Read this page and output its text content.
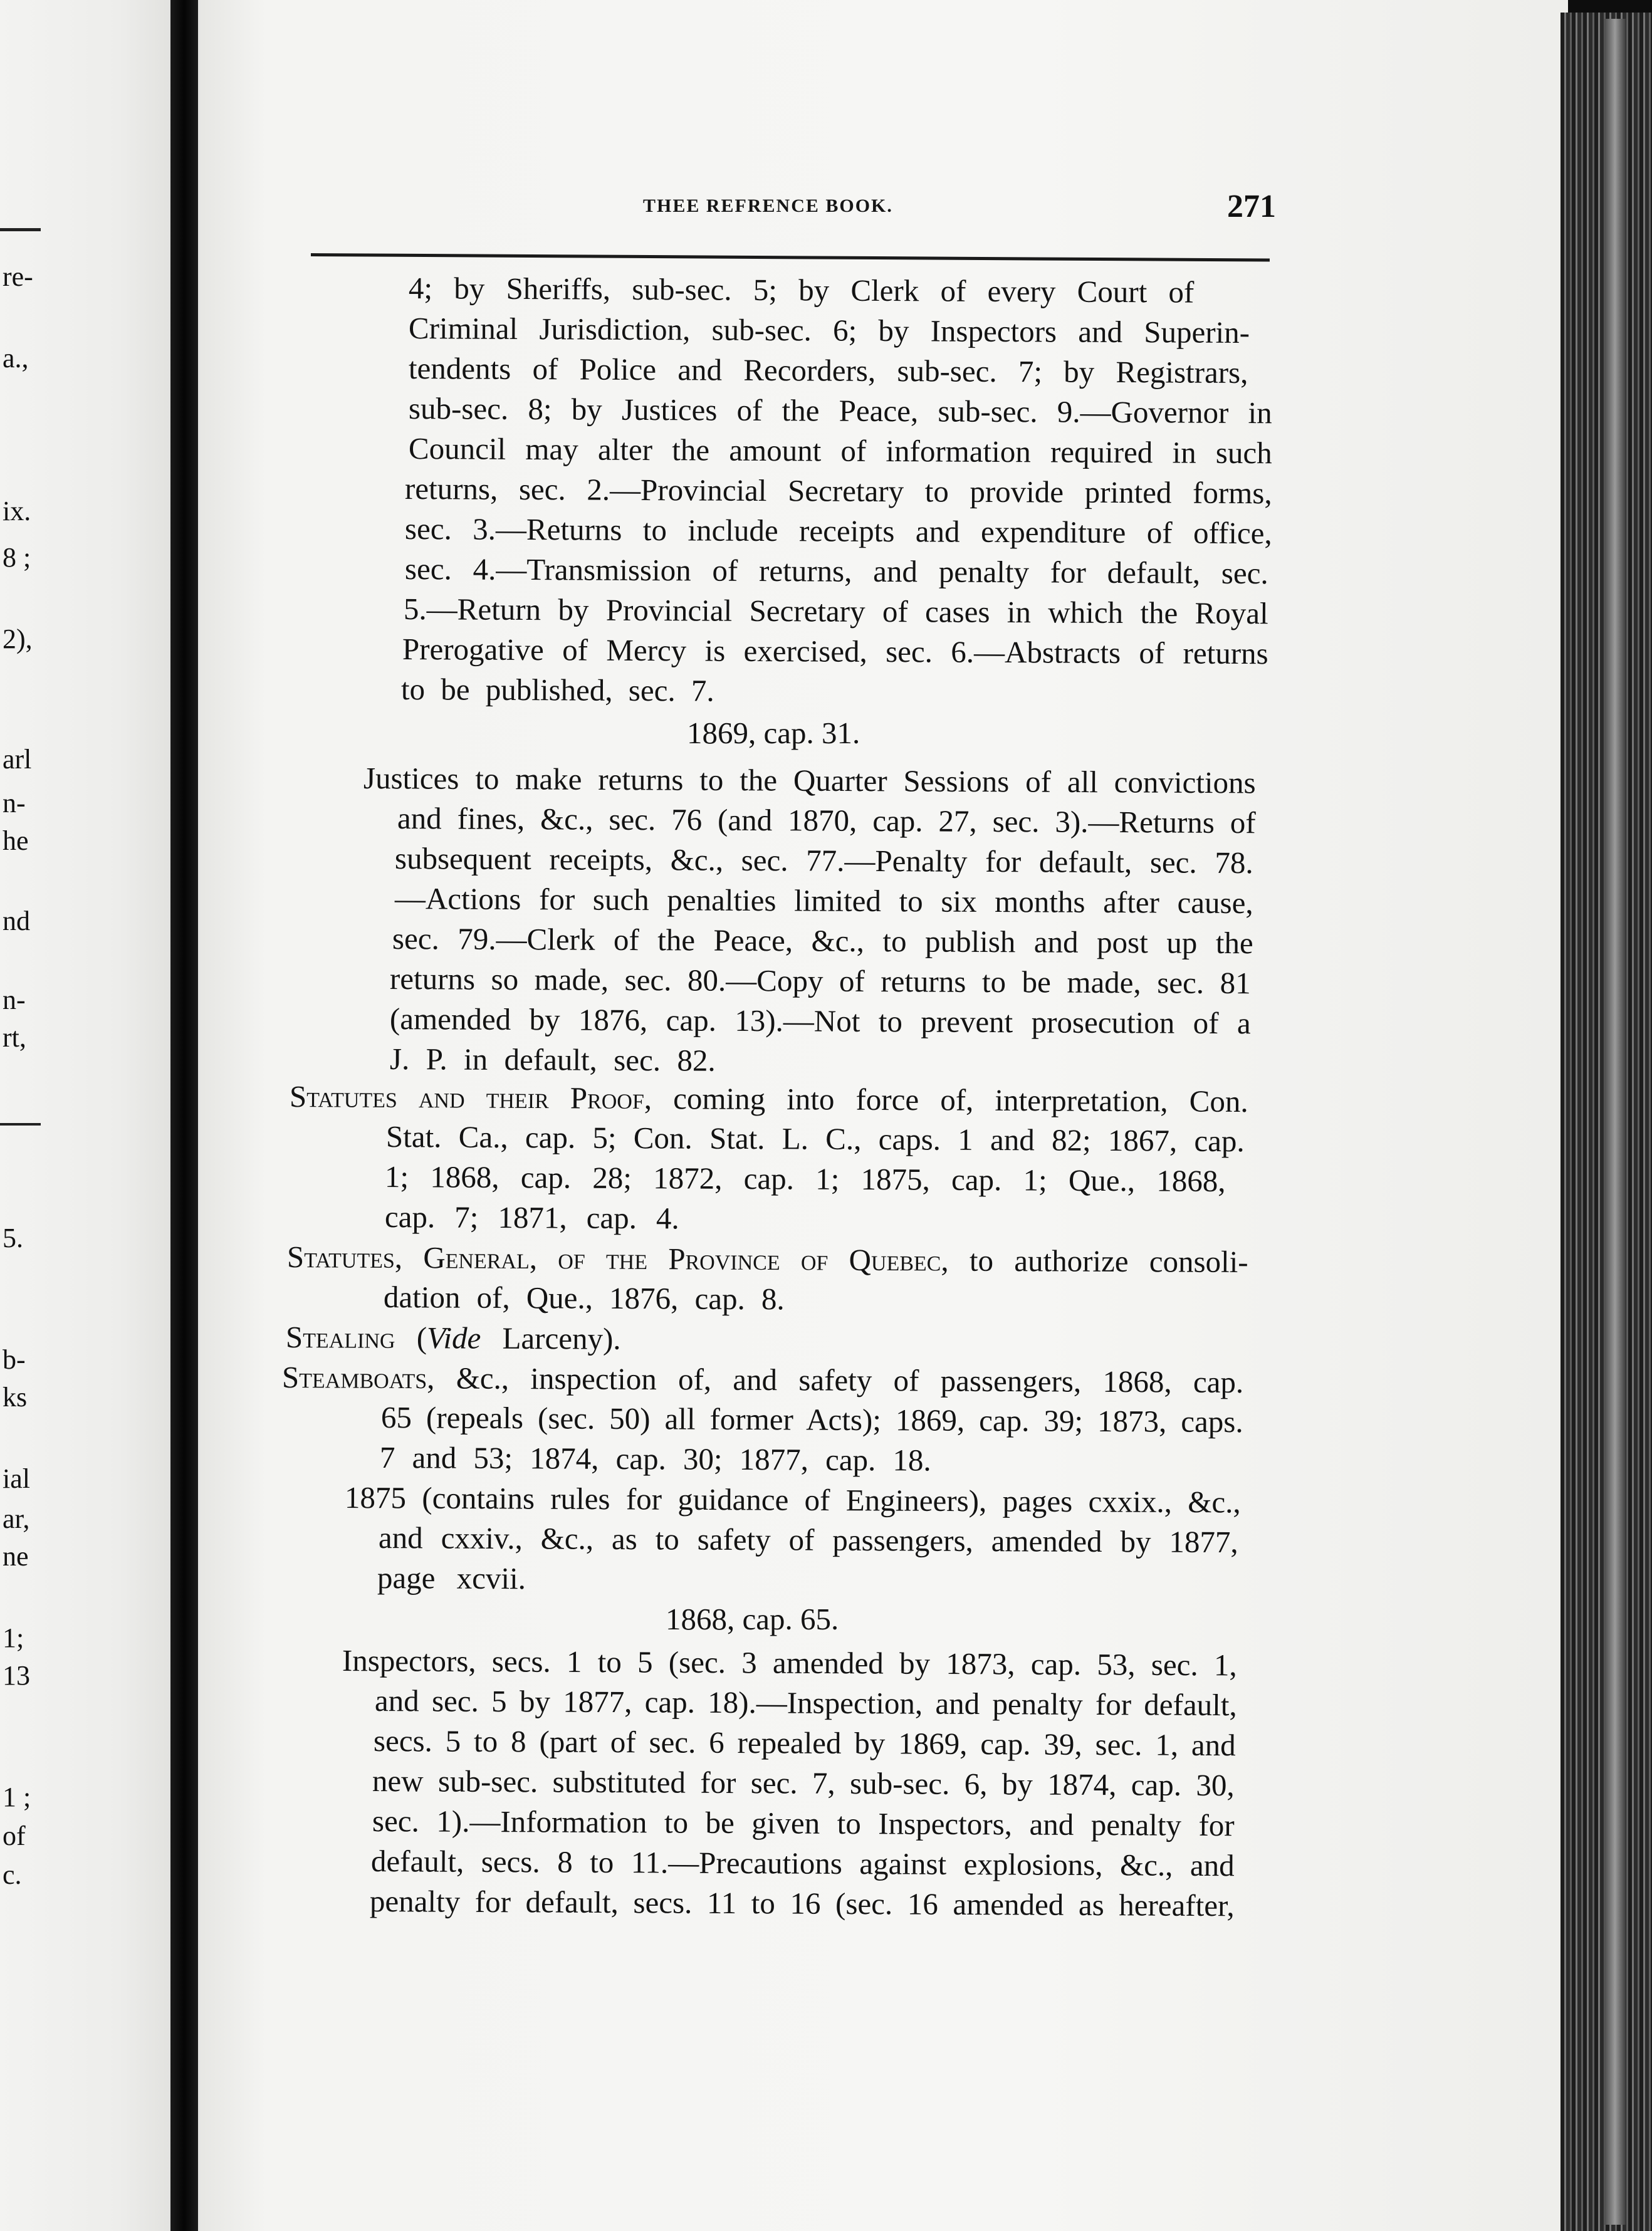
re-
a.,
ix.
8 ;
2),
arl
n-
he
nd
n-
rt,
5.
b-
ks
ial
ar,
ne
1;
13
1 ;
of
c.
THEE REFRENCE BOOK.	271
4; by Sheriffs, sub-sec. 5; by Clerk of every Court of
Criminal Jurisdiction, sub-sec. 6; by Inspectors and Superin-
tendents of Police and Recorders, sub-sec. 7; by Registrars,
sub-sec. 8; by Justices of the Peace, sub-sec. 9.—Governor in
Council may alter the amount of information required in such
returns, sec. 2.—Provincial Secretary to provide printed forms,
sec. 3.—Returns to include receipts and expenditure of office,
sec. 4.—Transmission of returns, and penalty for default, sec.
5.—Return by Provincial Secretary of cases in which the Royal
Prerogative of Mercy is exercised, sec. 6.—Abstracts of returns
to be published, sec. 7.
Justices to make returns to the Quarter Sessions of all convictions
and fines, &c., sec. 76 (and 1870, cap. 27, sec. 3).—Returns of
subsequent receipts, &c., sec. 77.—Penalty for default, sec. 78.
—Actions for such penalties limited to six months after cause,
sec. 79.—Clerk of the Peace, &c., to publish and post up the
returns so made, sec. 80.—Copy of returns to be made, sec. 81
(amended by 1876, cap. 13).—Not to prevent prosecution of a
J. P. in default, sec. 82.
Statutes and their Proof, coming into force of, interpretation, Con.
Stat. Ca., cap. 5; Con. Stat. L. C., caps. 1 and 82; 1867, cap.
1; 1868, cap. 28; 1872, cap. 1; 1875, cap. 1; Que., 1868,
cap. 7; 1871, cap. 4.
Statutes, General, of the Province of Quebec, to authorize consoli-
dation of, Que., 1876, cap. 8.
Stealing (Vide Larceny).
Steamboats, &c., inspection of, and safety of passengers, 1868, cap.
65 (repeals (sec. 50) all former Acts); 1869, cap. 39; 1873, caps.
7 and 53; 1874, cap. 30; 1877, cap. 18.
1875 (contains rules for guidance of Engineers), pages cxxix., &c.,
and cxxiv., &c., as to safety of passengers, amended by 1877,
page xcvii.
Inspectors, secs. 1 to 5 (sec. 3 amended by 1873, cap. 53, sec. 1,
and sec. 5 by 1877, cap. 18).—Inspection, and penalty for default,
secs. 5 to 8 (part of sec. 6 repealed by 1869, cap. 39, sec. 1, and
new sub-sec. substituted for sec. 7, sub-sec. 6, by 1874, cap. 30,
sec. 1).—Information to be given to Inspectors, and penalty for
default, secs. 8 to 11.—Precautions against explosions, &c., and
penalty for default, secs. 11 to 16 (sec. 16 amended as hereafter,
1869, cap. 31.
1868, cap. 65.
